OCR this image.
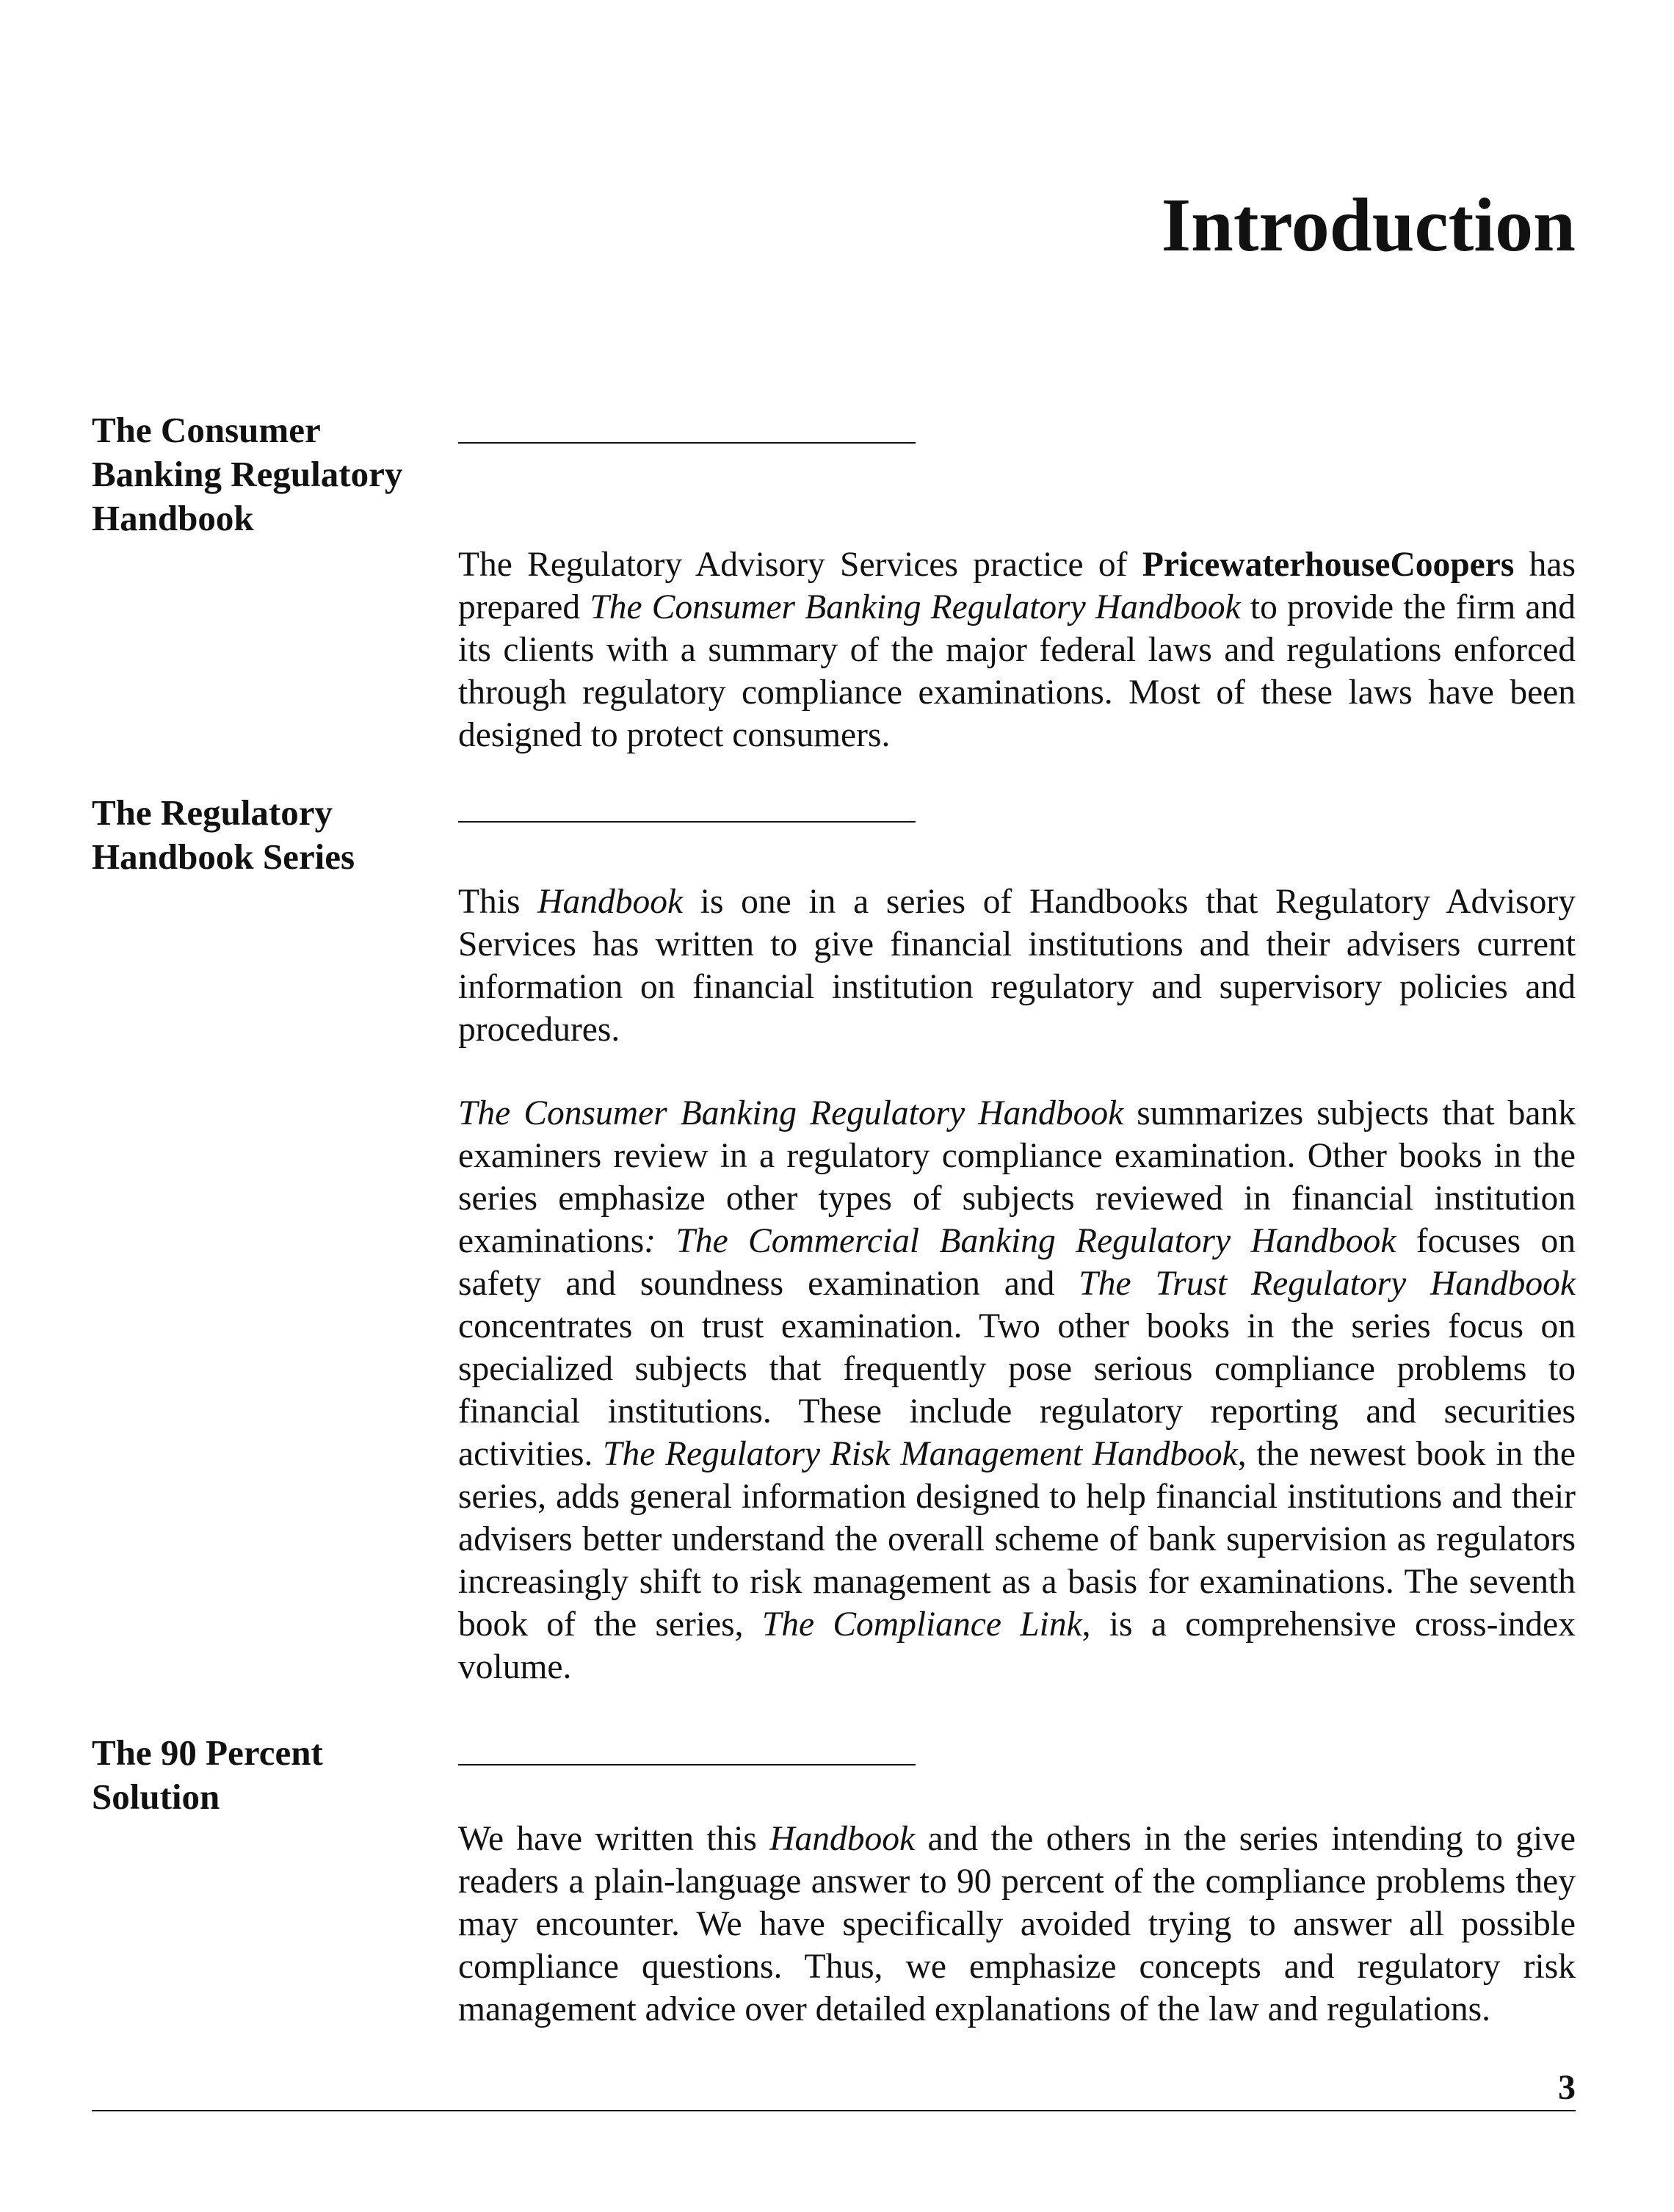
Introduction
The Consumer Banking Regulatory Handbook

The Regulatory Advisory Services practice of PricewaterhouseCoopers has prepared The Consumer Banking Regulatory Handbook to provide the firm and its clients with a summary of the major federal laws and regulations enforced through regulatory compliance examinations. Most of these laws have been designed to protect consumers.

The Regulatory Handbook Series

This Handbook is one in a series of Handbooks that Regulatory Advisory Services has written to give financial institutions and their advisers current information on financial institution regulatory and supervisory policies and procedures.

The Consumer Banking Regulatory Handbook summarizes subjects that bank examiners review in a regulatory compliance examination. Other books in the series emphasize other types of subjects reviewed in financial institution examinations: The Commercial Banking Regulatory Handbook focuses on safety and soundness examination and The Trust Regulatory Handbook concentrates on trust examination. Two other books in the series focus on specialized subjects that frequently pose serious compliance problems to financial institutions. These include regulatory reporting and securities activities. The Regulatory Risk Management Handbook, the newest book in the series, adds general information designed to help financial institutions and their advisers better understand the overall scheme of bank supervision as regulators increasingly shift to risk management as a basis for examinations. The seventh book of the series, The Compliance Link, is a comprehensive cross-index volume.

The 90 Percent Solution

We have written this Handbook and the others in the series intending to give readers a plain-language answer to 90 percent of the compliance problems they may encounter. We have specifically avoided trying to answer all possible compliance questions. Thus, we emphasize concepts and regulatory risk management advice over detailed explanations of the law and regulations.

3
